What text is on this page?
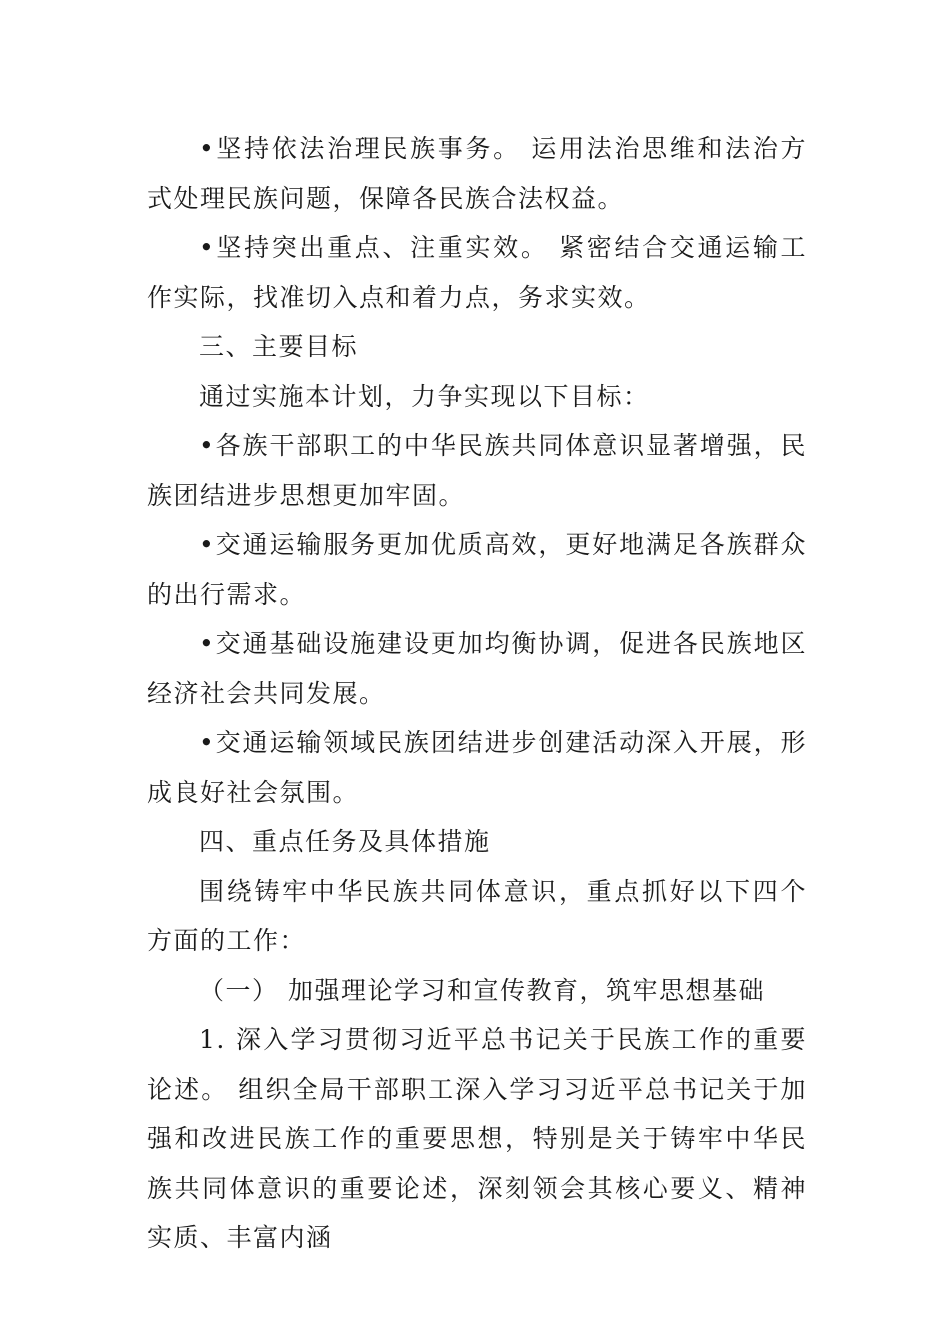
•坚持依法治理民族事务。 运用法治思维和法治方式处理民族问题，保障各民族合法权益。

•坚持突出重点、注重实效。 紧密结合交通运输工作实际，找准切入点和着力点，务求实效。

三、主要目标

通过实施本计划，力争实现以下目标：

•各族干部职工的中华民族共同体意识显著增强，民族团结进步思想更加牢固。

•交通运输服务更加优质高效，更好地满足各族群众的出行需求。

•交通基础设施建设更加均衡协调，促进各民族地区经济社会共同发展。

•交通运输领域民族团结进步创建活动深入开展，形成良好社会氛围。

四、重点任务及具体措施

围绕铸牢中华民族共同体意识，重点抓好以下四个方面的工作：

（一） 加强理论学习和宣传教育，筑牢思想基础

1. 深入学习贯彻习近平总书记关于民族工作的重要论述。 组织全局干部职工深入学习习近平总书记关于加强和改进民族工作的重要思想，特别是关于铸牢中华民族共同体意识的重要论述，深刻领会其核心要义、精神实质、丰富内涵
